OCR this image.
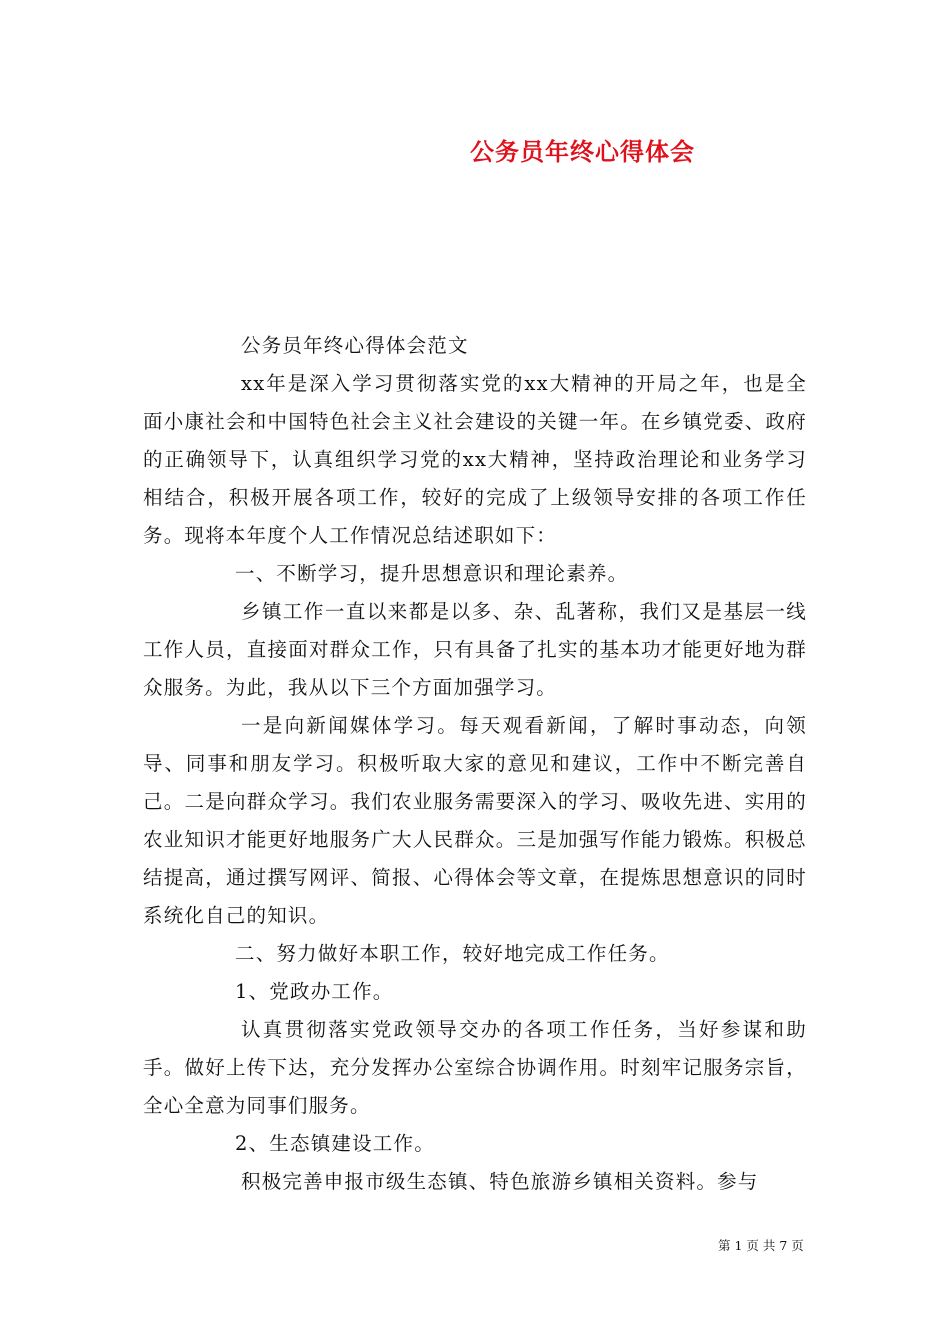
公务员年终心得体会

公务员年终心得体会范文

xx年是深入学习贯彻落实党的xx大精神的开局之年，也是全面小康社会和中国特色社会主义社会建设的关键一年。在乡镇党委、政府的正确领导下，认真组织学习党的xx大精神，坚持政治理论和业务学习相结合，积极开展各项工作，较好的完成了上级领导安排的各项工作任务。现将本年度个人工作情况总结述职如下：

一、不断学习，提升思想意识和理论素养。

乡镇工作一直以来都是以多、杂、乱著称，我们又是基层一线工作人员，直接面对群众工作，只有具备了扎实的基本功才能更好地为群众服务。为此，我从以下三个方面加强学习。

一是向新闻媒体学习。每天观看新闻，了解时事动态，向领导、同事和朋友学习。积极听取大家的意见和建议，工作中不断完善自己。二是向群众学习。我们农业服务需要深入的学习、吸收先进、实用的农业知识才能更好地服务广大人民群众。三是加强写作能力锻炼。积极总结提高，通过撰写网评、简报、心得体会等文章，在提炼思想意识的同时系统化自己的知识。

二、努力做好本职工作，较好地完成工作任务。

1、党政办工作。

认真贯彻落实党政领导交办的各项工作任务，当好参谋和助手。做好上传下达，充分发挥办公室综合协调作用。时刻牢记服务宗旨，全心全意为同事们服务。

2、生态镇建设工作。

积极完善申报市级生态镇、特色旅游乡镇相关资料。参与

第 1 页 共 7 页
